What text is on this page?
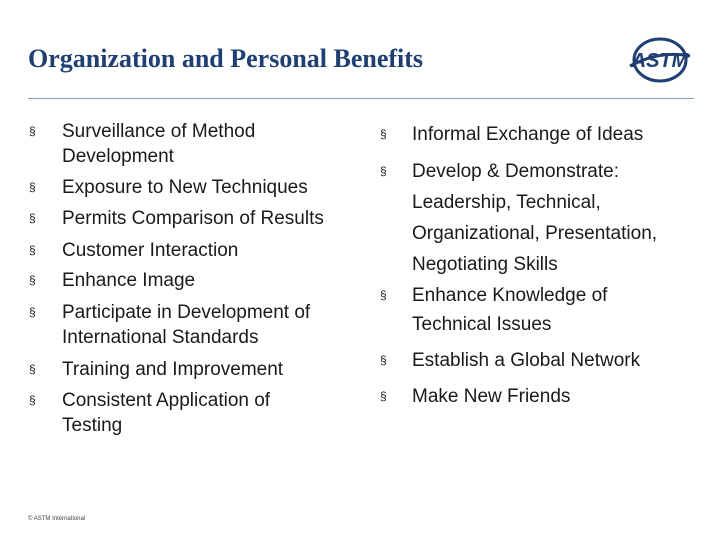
Organization and Personal Benefits	ASTM
§ Surveillance of Method
Development
§ Exposure to New Techniques
§ Permits Comparison of Results
§ Customer Interaction
§ Enhance Image
§ Participate in Development of
International Standards
§ Training and Improvement
§ Consistent Application of
Testing
§ Informal Exchange of Ideas
§ Develop & Demonstrate:
Leadership, Technical,
Organizational, Presentation,
Negotiating Skills
§ Enhance Knowledge of
Technical Issues
§ Establish a Global Network
§ Make New Friends
© ASTM International
